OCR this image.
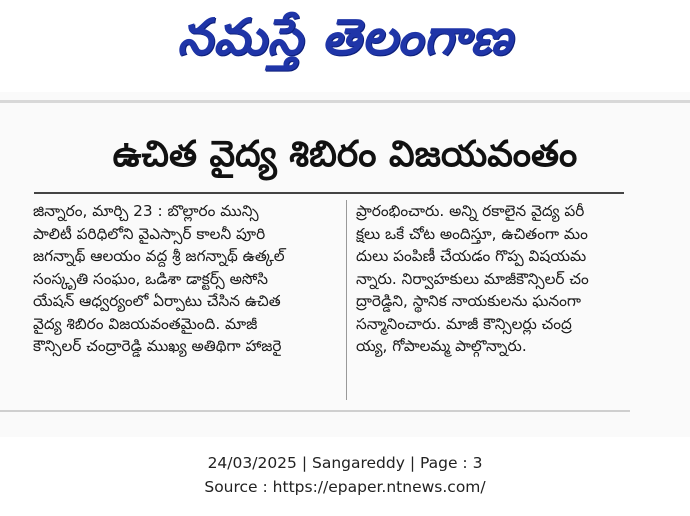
నమస్తే తెలంగాణ
ఉచిత వైద్య శిబిరం విజయవంతం

జిన్నారం, మార్చి 23 : బొల్లారం మున్సి

పాలిటీ పరిధిలోని వైఎస్సార్ కాలనీ పూరి

జగన్నాథ్ ఆలయం వద్ద శ్రీ జగన్నాథ్ ఉత్కల్

సంస్కృతి సంఘం, ఒడిశా డాక్టర్స్ అసోసి

యేషన్ ఆధ్వర్యంలో ఏర్పాటు చేసిన ఉచిత

వైద్య శిబిరం విజయవంతమైంది. మాజీ

కౌన్సిలర్ చంద్రారెడ్డి ముఖ్య అతిథిగా హాజరై

ప్రారంభించారు. అన్ని రకాలైన వైద్య పరీ

క్షలు ఒకే చోట అందిస్తూ, ఉచితంగా మం

దులు పంపిణీ చేయడం గొప్ప విషయమ

న్నారు. నిర్వాహకులు మాజీకౌన్సిలర్ చం

ద్రారెడ్డిని, స్థానిక నాయకులను ఘనంగా

సన్మానించారు. మాజీ కౌన్సిలర్లు చంద్ర

య్య, గోపాలమ్మ పాల్గొన్నారు.

24/03/2025 | Sangareddy | Page : 3
Source : https://epaper.ntnews.com/
